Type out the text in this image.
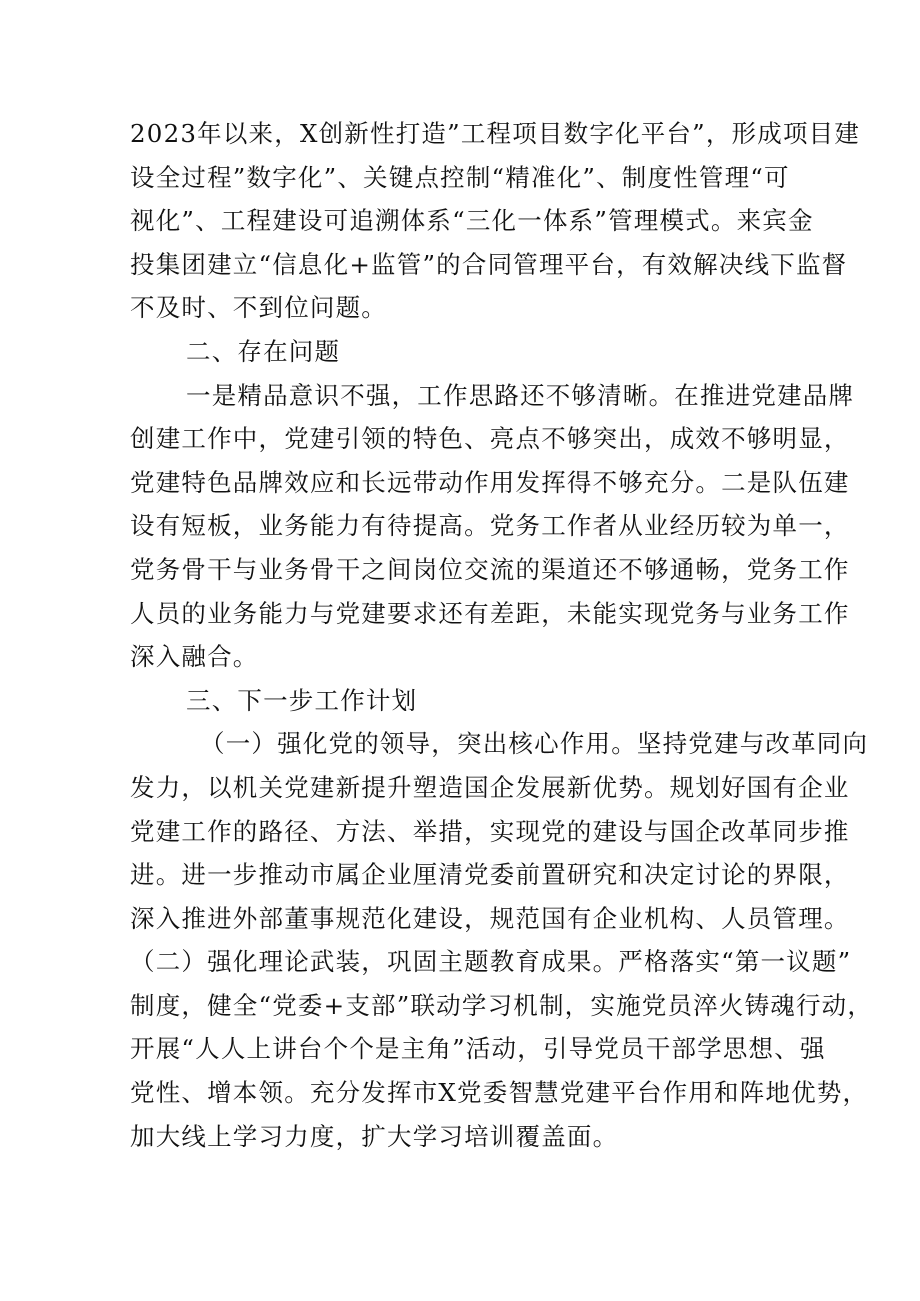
2023年以来，X创新性打造”工程项目数字化平台”，形成项目建
设全过程”数字化”、关键点控制“精准化”、制度性管理“可
视化”、工程建设可追溯体系“三化一体系”管理模式。来宾金
投集团建立“信息化+监管”的合同管理平台，有效解决线下监督
不及时、不到位问题。
二、存在问题
一是精品意识不强，工作思路还不够清晰。在推进党建品牌
创建工作中，党建引领的特色、亮点不够突出，成效不够明显，
党建特色品牌效应和长远带动作用发挥得不够充分。二是队伍建
设有短板，业务能力有待提高。党务工作者从业经历较为单一，
党务骨干与业务骨干之间岗位交流的渠道还不够通畅，党务工作
人员的业务能力与党建要求还有差距，未能实现党务与业务工作
深入融合。
三、下一步工作计划
（一）强化党的领导，突出核心作用。坚持党建与改革同向
发力，以机关党建新提升塑造国企发展新优势。规划好国有企业
党建工作的路径、方法、举措，实现党的建设与国企改革同步推
进。进一步推动市属企业厘清党委前置研究和决定讨论的界限，
深入推进外部董事规范化建设，规范国有企业机构、人员管理。
（二）强化理论武装，巩固主题教育成果。严格落实“第一议题”
制度，健全“党委+支部”联动学习机制，实施党员淬火铸魂行动，
开展“人人上讲台个个是主角”活动，引导党员干部学思想、强
党性、增本领。充分发挥市X党委智慧党建平台作用和阵地优势，
加大线上学习力度，扩大学习培训覆盖面。
